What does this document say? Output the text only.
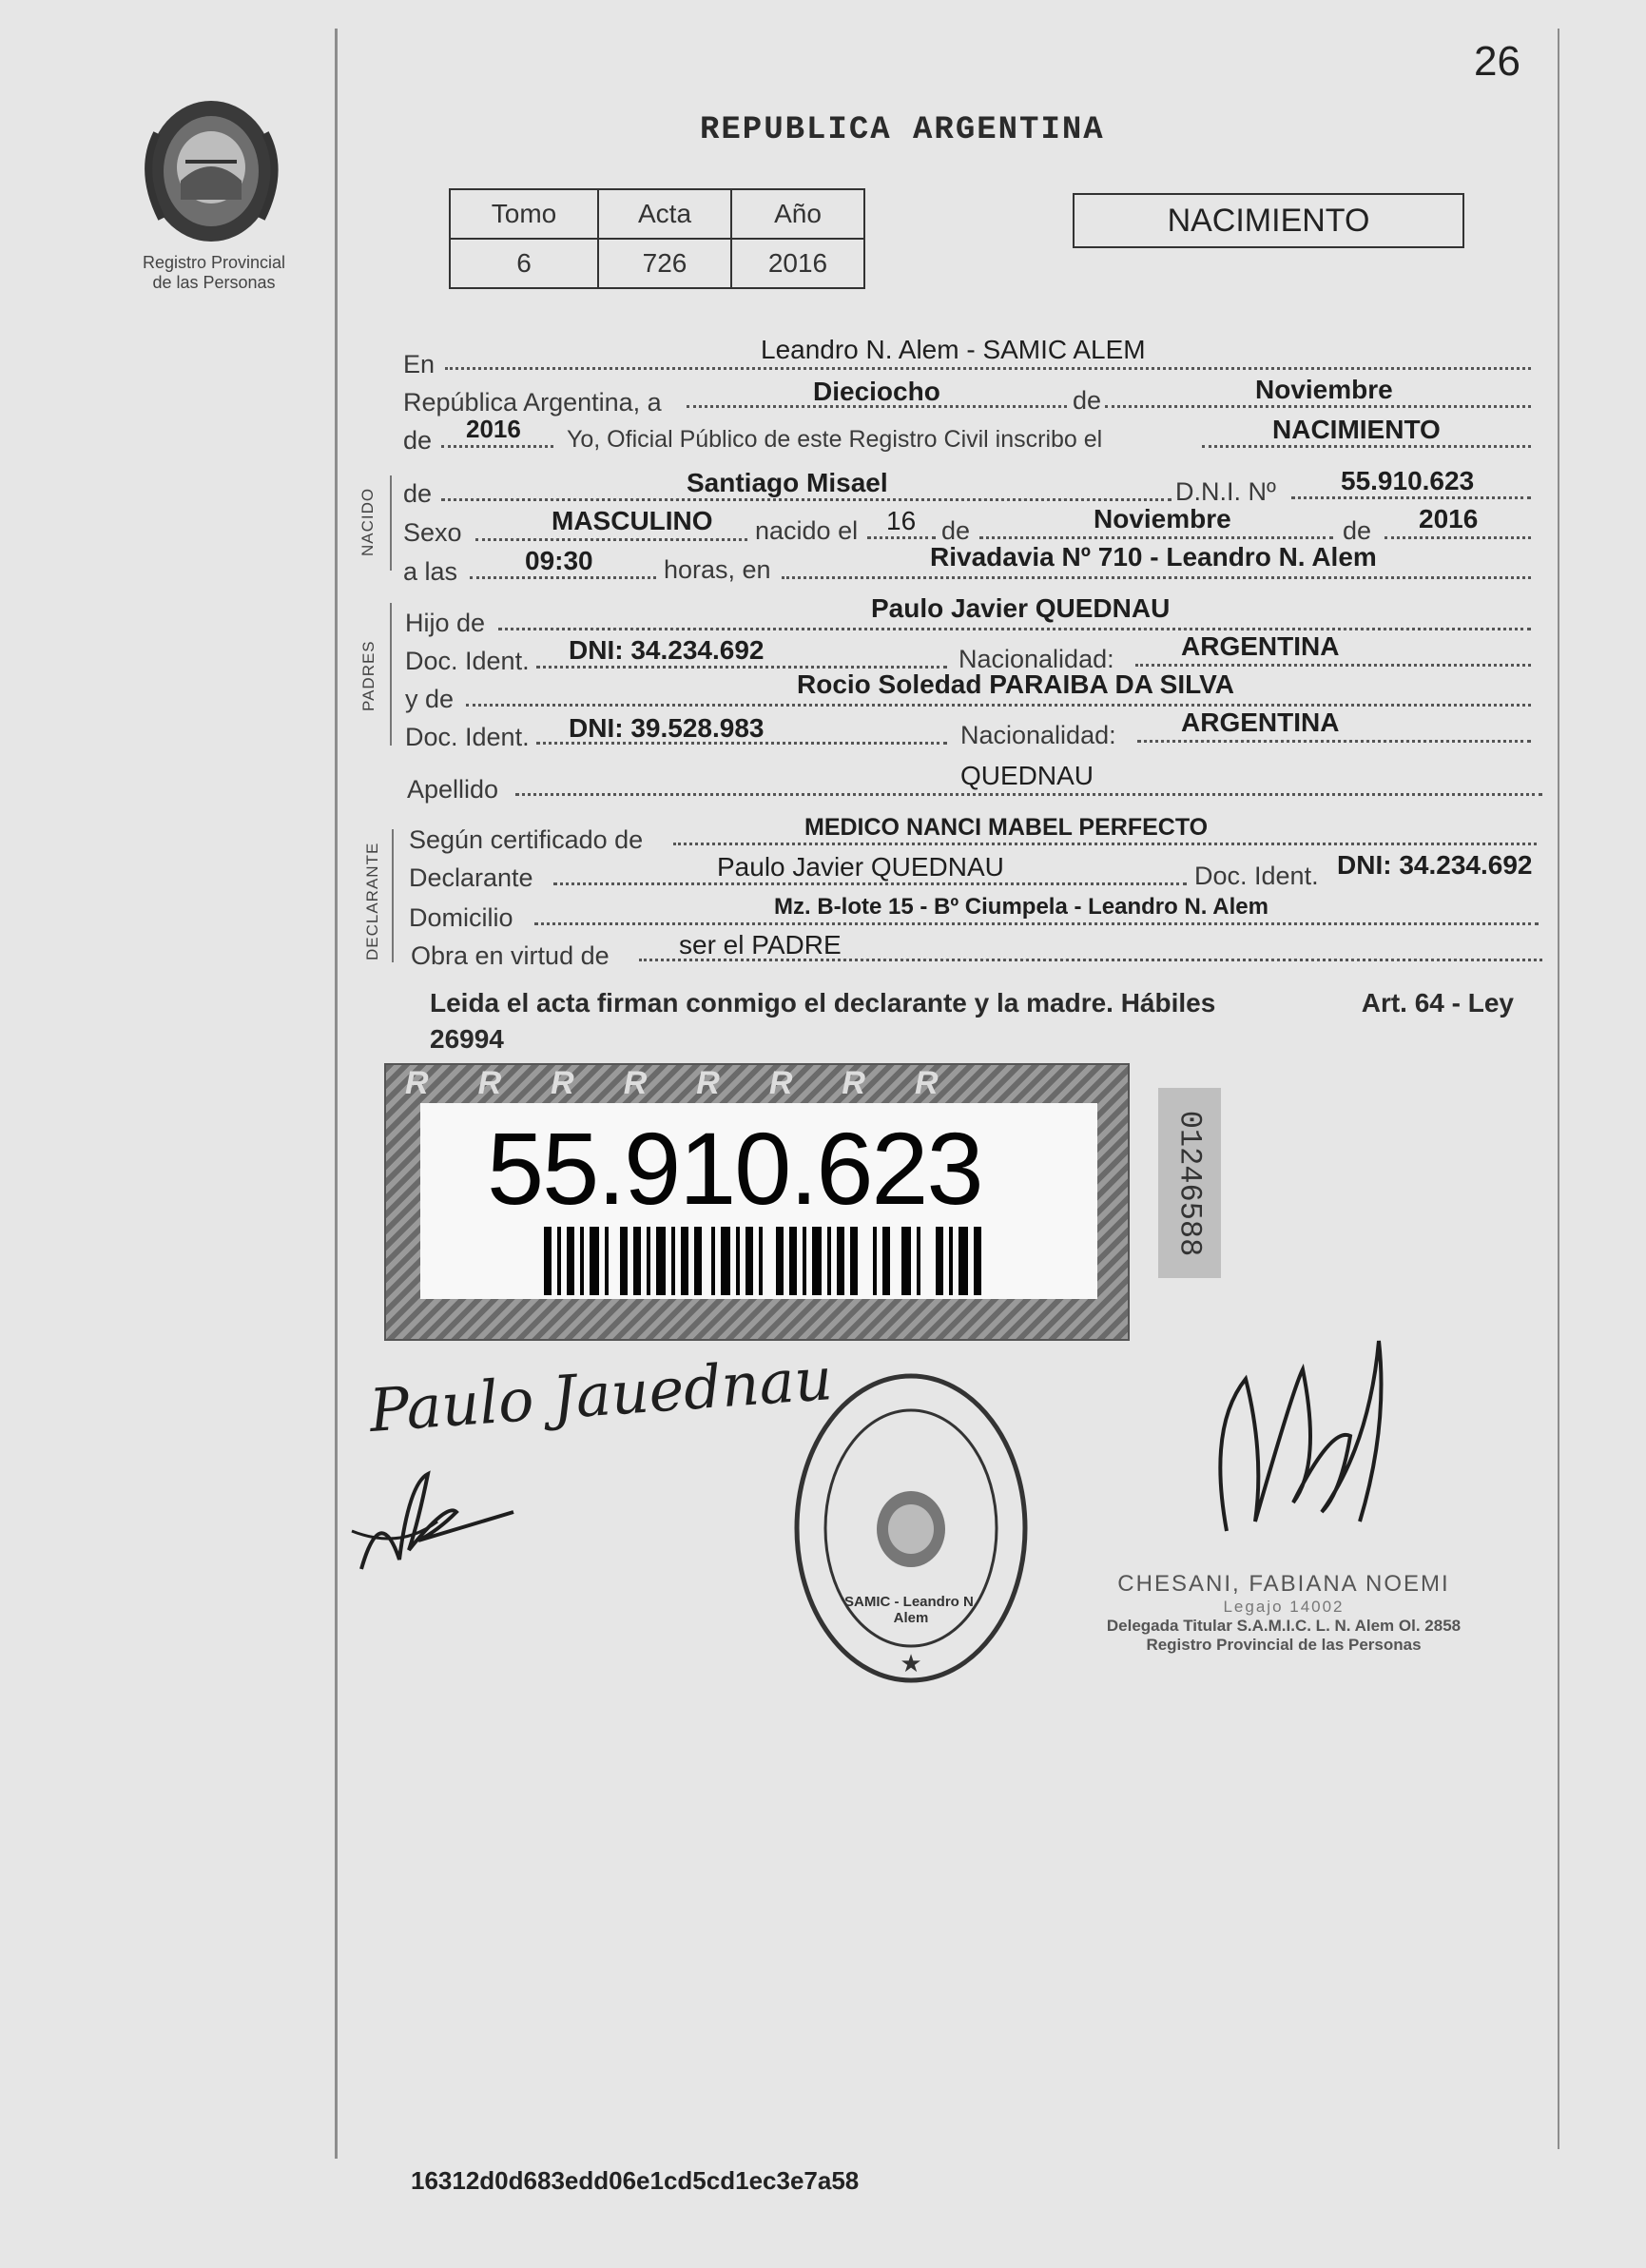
26
Registro Provincial
de las Personas
REPUBLICA ARGENTINA
Tomo	Acta	Año
6	726	2016
NACIMIENTO
En	Leandro N. Alem - SAMIC ALEM
República Argentina, a	Dieciocho	de	Noviembre
de 2016 Yo, Oficial Público de este Registro Civil inscribo el	NACIMIENTO
NACIDO de	Santiago Misael	D.N.I. Nº 55.910.623
Sexo	MASCULINO nacido el 16 de	Noviembre	de 2016
a las	09:30	horas, en	Rivadavia Nº 710 - Leandro N. Alem
PADRES
Hijo de	Paulo Javier QUEDNAU
Doc. Ident. DNI: 34.234.692	Nacionalidad:	ARGENTINA
y de	Rocio Soledad PARAIBA DA SILVA
Doc. Ident. DNI: 39.528.983	Nacionalidad: ARGENTINA
Apellido	QUEDNAU
DECLARANTE
Según certificado de	MEDICO NANCI MABEL PERFECTO
Declarante	Paulo Javier QUEDNAU	Doc. Ident. DNI: 34.234.692
Domicilio	Mz. B-lote 15 - Bº Ciumpela - Leandro N. Alem
Obra en virtud de	ser el PADRE
Leida el acta firman conmigo el declarante y la madre. Hábiles	Art. 64 - Ley

26994
RRRRRRRR
55.910.623	01246588
Paulo Jauednau
★
SAMIC - Leandro N. Alem
CHESANI, FABIANA NOEMI
Legajo 14002
Delegada Titular S.A.M.I.C. L. N. Alem Ol. 2858
Registro Provincial de las Personas
16312d0d683edd06e1cd5cd1ec3e7a58
